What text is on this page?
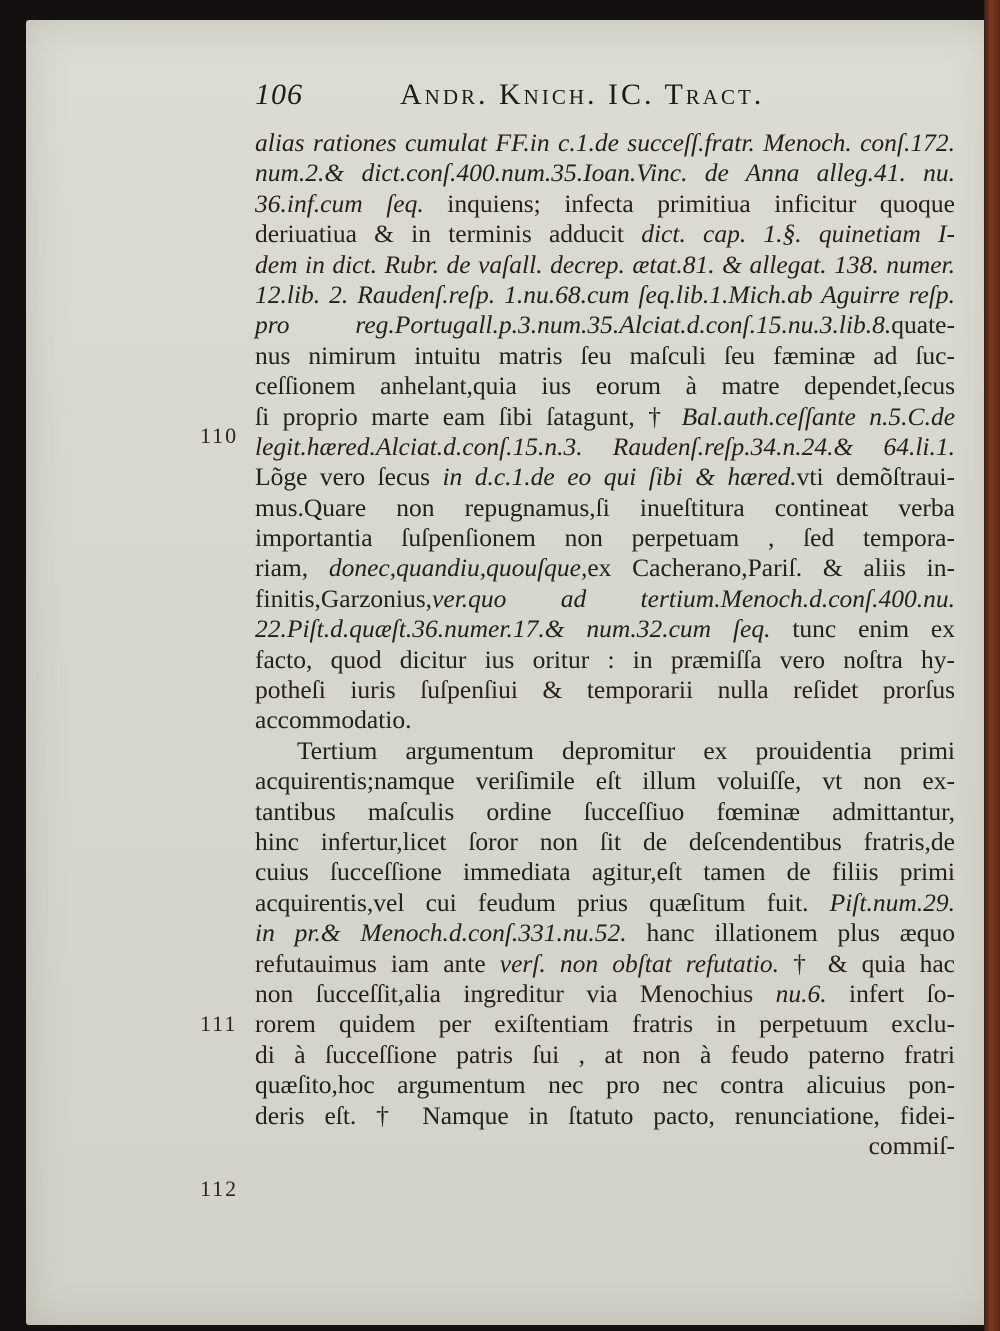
106	Andr. Knich. IC. Tract.
110
111
112
alias rationes cumulat FF.in c.1.de succeſſ.fratr. Menoch. conſ.172.
num.2.& dict.conſ.400.num.35.Ioan.Vinc. de Anna alleg.41. nu.
36.inf.cum ſeq. inquiens; infecta primitiua inficitur quoque
deriuatiua & in terminis adducit dict. cap. 1.§. quinetiam I-
dem in dict. Rubr. de vaſall. decrep. ætat.81. & allegat. 138. numer.
12.lib. 2. Raudenſ.reſp. 1.nu.68.cum ſeq.lib.1.Mich.ab Aguirre reſp.
pro reg.Portugall.p.3.num.35.Alciat.d.conſ.15.nu.3.lib.8.quate-
nus nimirum intuitu matris ſeu maſculi ſeu fæminæ ad ſuc-
ceſſionem anhelant,quia ius eorum à matre dependet,ſecus
ſi proprio marte eam ſibi ſatagunt, † Bal.auth.ceſſante n.5.C.de
legit.hæred.Alciat.d.conſ.15.n.3. Raudenſ.reſp.34.n.24.& 64.li.1.
Lõge vero ſecus in d.c.1.de eo qui ſibi & hæred.vti demõſtraui-
mus.Quare non repugnamus,ſi inueſtitura contineat verba
importantia ſuſpenſionem non perpetuam , ſed tempora-
riam, donec,quandiu,quouſque,ex Cacherano,Pariſ. & aliis in-
finitis,Garzonius,ver.quo ad tertium.Menoch.d.conſ.400.nu.
22.Piſt.d.quæſt.36.numer.17.& num.32.cum ſeq. tunc enim ex
facto, quod dicitur ius oritur : in præmiſſa vero noſtra hy-
potheſi iuris ſuſpenſiui & temporarii nulla reſidet prorſus
accommodatio.
Tertium argumentum depromitur ex prouidentia primi
acquirentis;namque veriſimile eſt illum voluiſſe, vt non ex-
tantibus maſculis ordine ſucceſſiuo fœminæ admittantur,
hinc infertur,licet ſoror non ſit de deſcendentibus fratris,de
cuius ſucceſſione immediata agitur,eſt tamen de filiis primi
acquirentis,vel cui feudum prius quæſitum fuit. Piſt.num.29.
in pr.& Menoch.d.conſ.331.nu.52. hanc illationem plus æquo
refutauimus iam ante verſ. non obſtat refutatio. † & quia hac
non ſucceſſit,alia ingreditur via Menochius nu.6. infert ſo-
rorem quidem per exiſtentiam fratris in perpetuum exclu-
di à ſucceſſione patris ſui , at non à feudo paterno fratri
quæſito,hoc argumentum nec pro nec contra alicuius pon-
deris eſt. † Namque in ſtatuto pacto, renunciatione, fidei-
commiſ-
